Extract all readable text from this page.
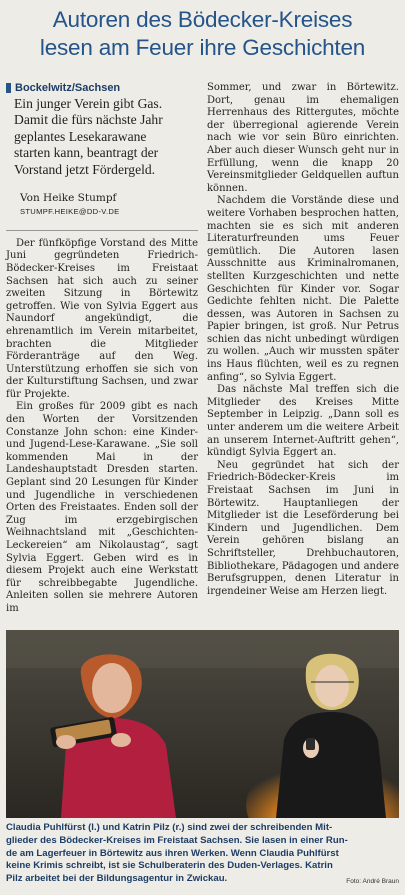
Autoren des Bödecker-Kreises
lesen am Feuer ihre Geschichten
Bockelwitz/Sachsen
Ein junger Verein gibt Gas.
Damit die fürs nächste Jahr
geplantes Lesekarawane
starten kann, beantragt der
Vorstand jetzt Fördergeld.
Von Heike Stumpf
STUMPF.HEIKE@DD-V.DE

Der fünfköpfige Vorstand des Mitte Juni gegründeten Friedrich-Bödecker-Kreises im Freistaat Sachsen hat sich auch zu seiner zweiten Sitzung in Börtewitz getroffen. Wie von Sylvia Eggert aus Naundorf angekündigt, die ehrenamtlich im Verein mitarbeitet, brachten die Mitglieder Förderanträge auf den Weg. Unterstützung erhoffen sie sich von der Kulturstiftung Sachsen, und zwar für Projekte.

Ein großes für 2009 gibt es nach den Worten der Vorsitzenden Constanze John schon: eine Kinder- und Jugend-Lese-Karawane. „Sie soll kommenden Mai in der Landeshauptstadt Dresden starten. Geplant sind 20 Lesungen für Kinder und Jugendliche in verschiedenen Orten des Freistaates. Enden soll der Zug im erzgebirgischen Weihnachtsland mit „Geschichten-Leckereien“ am Nikolaustag“, sagt Sylvia Eggert. Geben wird es in diesem Projekt auch eine Werkstatt für schreibbegabte Jugendliche. Anleiten sollen sie mehrere Autoren im

Sommer, und zwar in Börtewitz. Dort, genau im ehemaligen Herrenhaus des Rittergutes, möchte der überregional agierende Verein nach wie vor sein Büro einrichten. Aber auch dieser Wunsch geht nur in Erfüllung, wenn die knapp 20 Vereinsmitglieder Geldquellen auftun können.

Nachdem die Vorstände diese und weitere Vorhaben besprochen hatten, machten sie es sich mit anderen Literaturfreunden ums Feuer gemütlich. Die Autoren lasen Ausschnitte aus Kriminalromanen, stellten Kurzgeschichten und nette Geschichten für Kinder vor. Sogar Gedichte fehlten nicht. Die Palette dessen, was Autoren in Sachsen zu Papier bringen, ist groß. Nur Petrus schien das nicht unbedingt würdigen zu wollen. „Auch wir mussten später ins Haus flüchten, weil es zu regnen anfing“, so Sylvia Eggert.

Das nächste Mal treffen sich die Mitglieder des Kreises Mitte September in Leipzig. „Dann soll es unter anderem um die weitere Arbeit an unserem Internet-Auftritt gehen“, kündigt Sylvia Eggert an.

Neu gegründet hat sich der Friedrich-Bödecker-Kreis im Freistaat Sachsen im Juni in Börtewitz. Hauptanliegen der Mitglieder ist die Leseförderung bei Kindern und Jugendlichen. Dem Verein gehören bislang an Schriftsteller, Drehbuchautoren, Bibliothekare, Pädagogen und andere Berufsgruppen, denen Literatur in irgendeiner Weise am Herzen liegt.

Claudia Puhlfürst (l.) und Katrin Pilz (r.) sind zwei der schreibenden Mit-
glieder des Bödecker-Kreises im Freistaat Sachsen. Sie lasen in einer Run-
de am Lagerfeuer in Börtewitz aus ihren Werken. Wenn Claudia Puhlfürst
keine Krimis schreibt, ist sie Schulberaterin des Duden-Verlages. Katrin
Pilz arbeitet bei der Bildungsagentur in Zwickau.	Foto: André Braun
